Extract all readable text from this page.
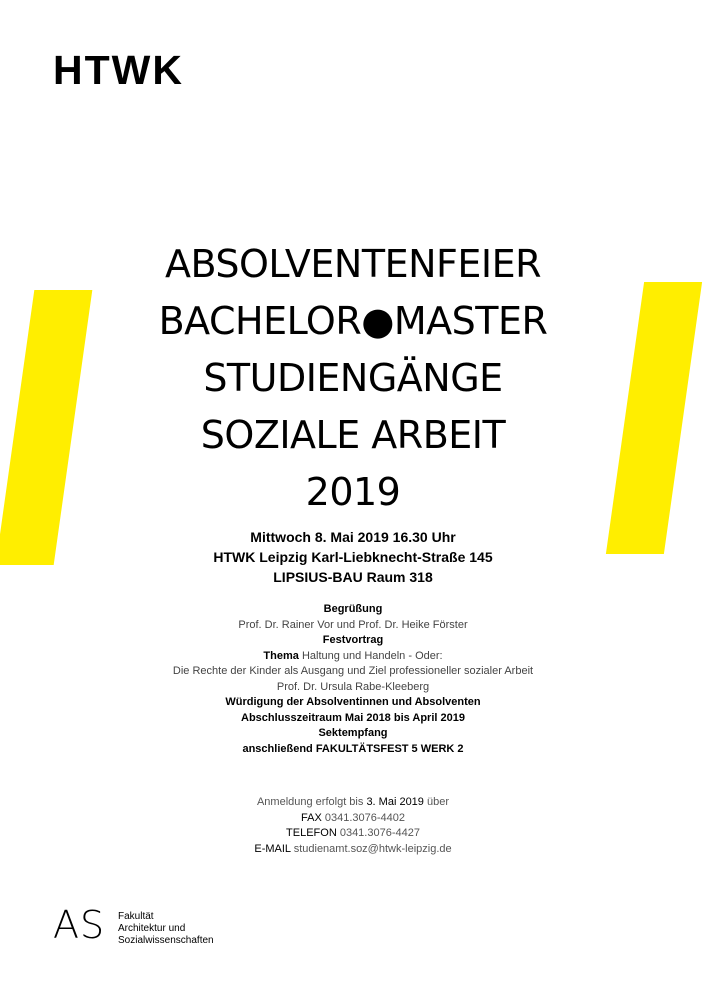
HTWK
ABSOLVENTENFEIER
BACHELOR●MASTER
STUDIENGÄNGE
SOZIALE ARBEIT
2019
Mittwoch 8. Mai 2019 16.30 Uhr
HTWK Leipzig Karl-Liebknecht-Straße 145
LIPSIUS-BAU Raum 318
Begrüßung
Prof. Dr. Rainer Vor und Prof. Dr. Heike Förster
Festvortrag
Thema Haltung und Handeln - Oder:
Die Rechte der Kinder als Ausgang und Ziel professioneller sozialer Arbeit
Prof. Dr. Ursula Rabe-Kleeberg
Würdigung der Absolventinnen und Absolventen
Abschlusszeitraum Mai 2018 bis April 2019
Sektempfang
anschließend FAKULTÄTSFEST 5 WERK 2
Anmeldung erfolgt bis 3. Mai 2019 über
FAX 0341.3076-4402
TELEFON 0341.3076-4427
E-MAIL studienamt.soz@htwk-leipzig.de
AS Fakultät
Architektur und
Sozialwissenschaften
